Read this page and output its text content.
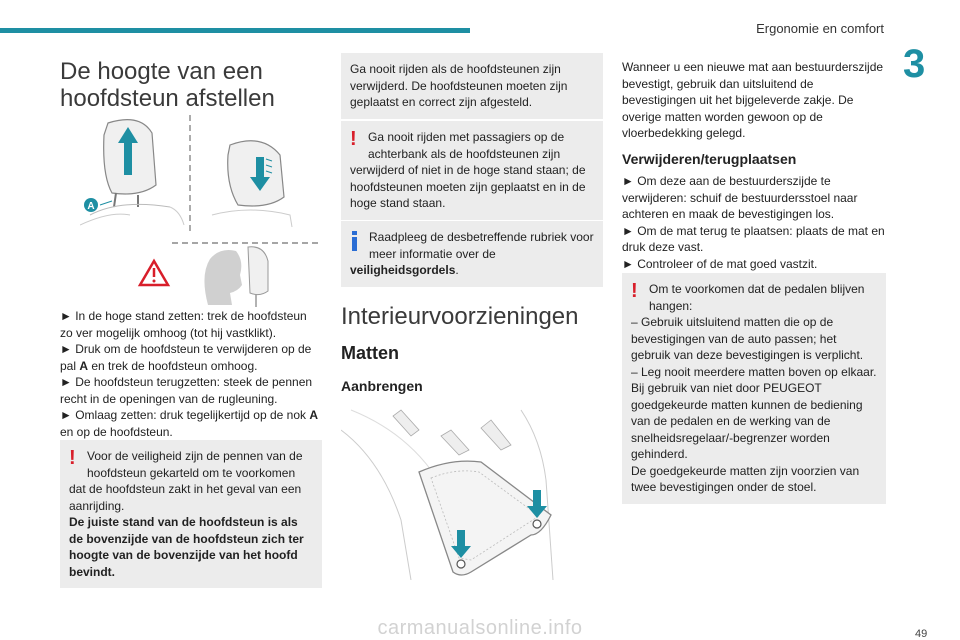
Ergonomie en comfort
3
De hoogte van een
hoofdsteun afstellen
A
► In de hoge stand zetten: trek de hoofdsteun zo ver mogelijk omhoog (tot hij vastklikt).
► Druk om de hoofdsteun te verwijderen op de pal A en trek de hoofdsteun omhoog.
► De hoofdsteun terugzetten: steek de pennen recht in de openingen van de rugleuning.
► Omlaag zetten: druk tegelijkertijd op de nok A en op de hoofdsteun.
! Voor de veiligheid zijn de pennen van de hoofdsteun gekarteld om te voorkomen dat de hoofdsteun zakt in het geval van een aanrijding.
De juiste stand van de hoofdsteun is als de bovenzijde van de hoofdsteun zich ter hoogte van de bovenzijde van het hoofd bevindt.
Ga nooit rijden als de hoofdsteunen zijn verwijderd. De hoofdsteunen moeten zijn geplaatst en correct zijn afgesteld.
! Ga nooit rijden met passagiers op de achterbank als de hoofdsteunen zijn verwijderd of niet in de hoge stand staan; de hoofdsteunen moeten zijn geplaatst en in de hoge stand staan.
Raadpleeg de desbetreffende rubriek voor meer informatie over de veiligheidsgordels.
Interieurvoorzieningen
Matten
Aanbrengen
Wanneer u een nieuwe mat aan bestuurderszijde bevestigt, gebruik dan uitsluitend de bevestigingen uit het bijgeleverde zakje. De overige matten worden gewoon op de vloerbedekking gelegd.
Verwijderen/terugplaatsen
► Om deze aan de bestuurderszijde te verwijderen: schuif de bestuurdersstoel naar achteren en maak de bevestigingen los.
► Om de mat terug te plaatsen: plaats de mat en druk deze vast.
► Controleer of de mat goed vastzit.
! Om te voorkomen dat de pedalen blijven hangen:
– Gebruik uitsluitend matten die op de bevestigingen van de auto passen; het gebruik van deze bevestigingen is verplicht.
– Leg nooit meerdere matten boven op elkaar.
Bij gebruik van niet door PEUGEOT goedgekeurde matten kunnen de bediening van de pedalen en de werking van de snelheidsregelaar/-begrenzer worden gehinderd.
De goedgekeurde matten zijn voorzien van twee bevestigingen onder de stoel.
carmanualsonline.info	49
